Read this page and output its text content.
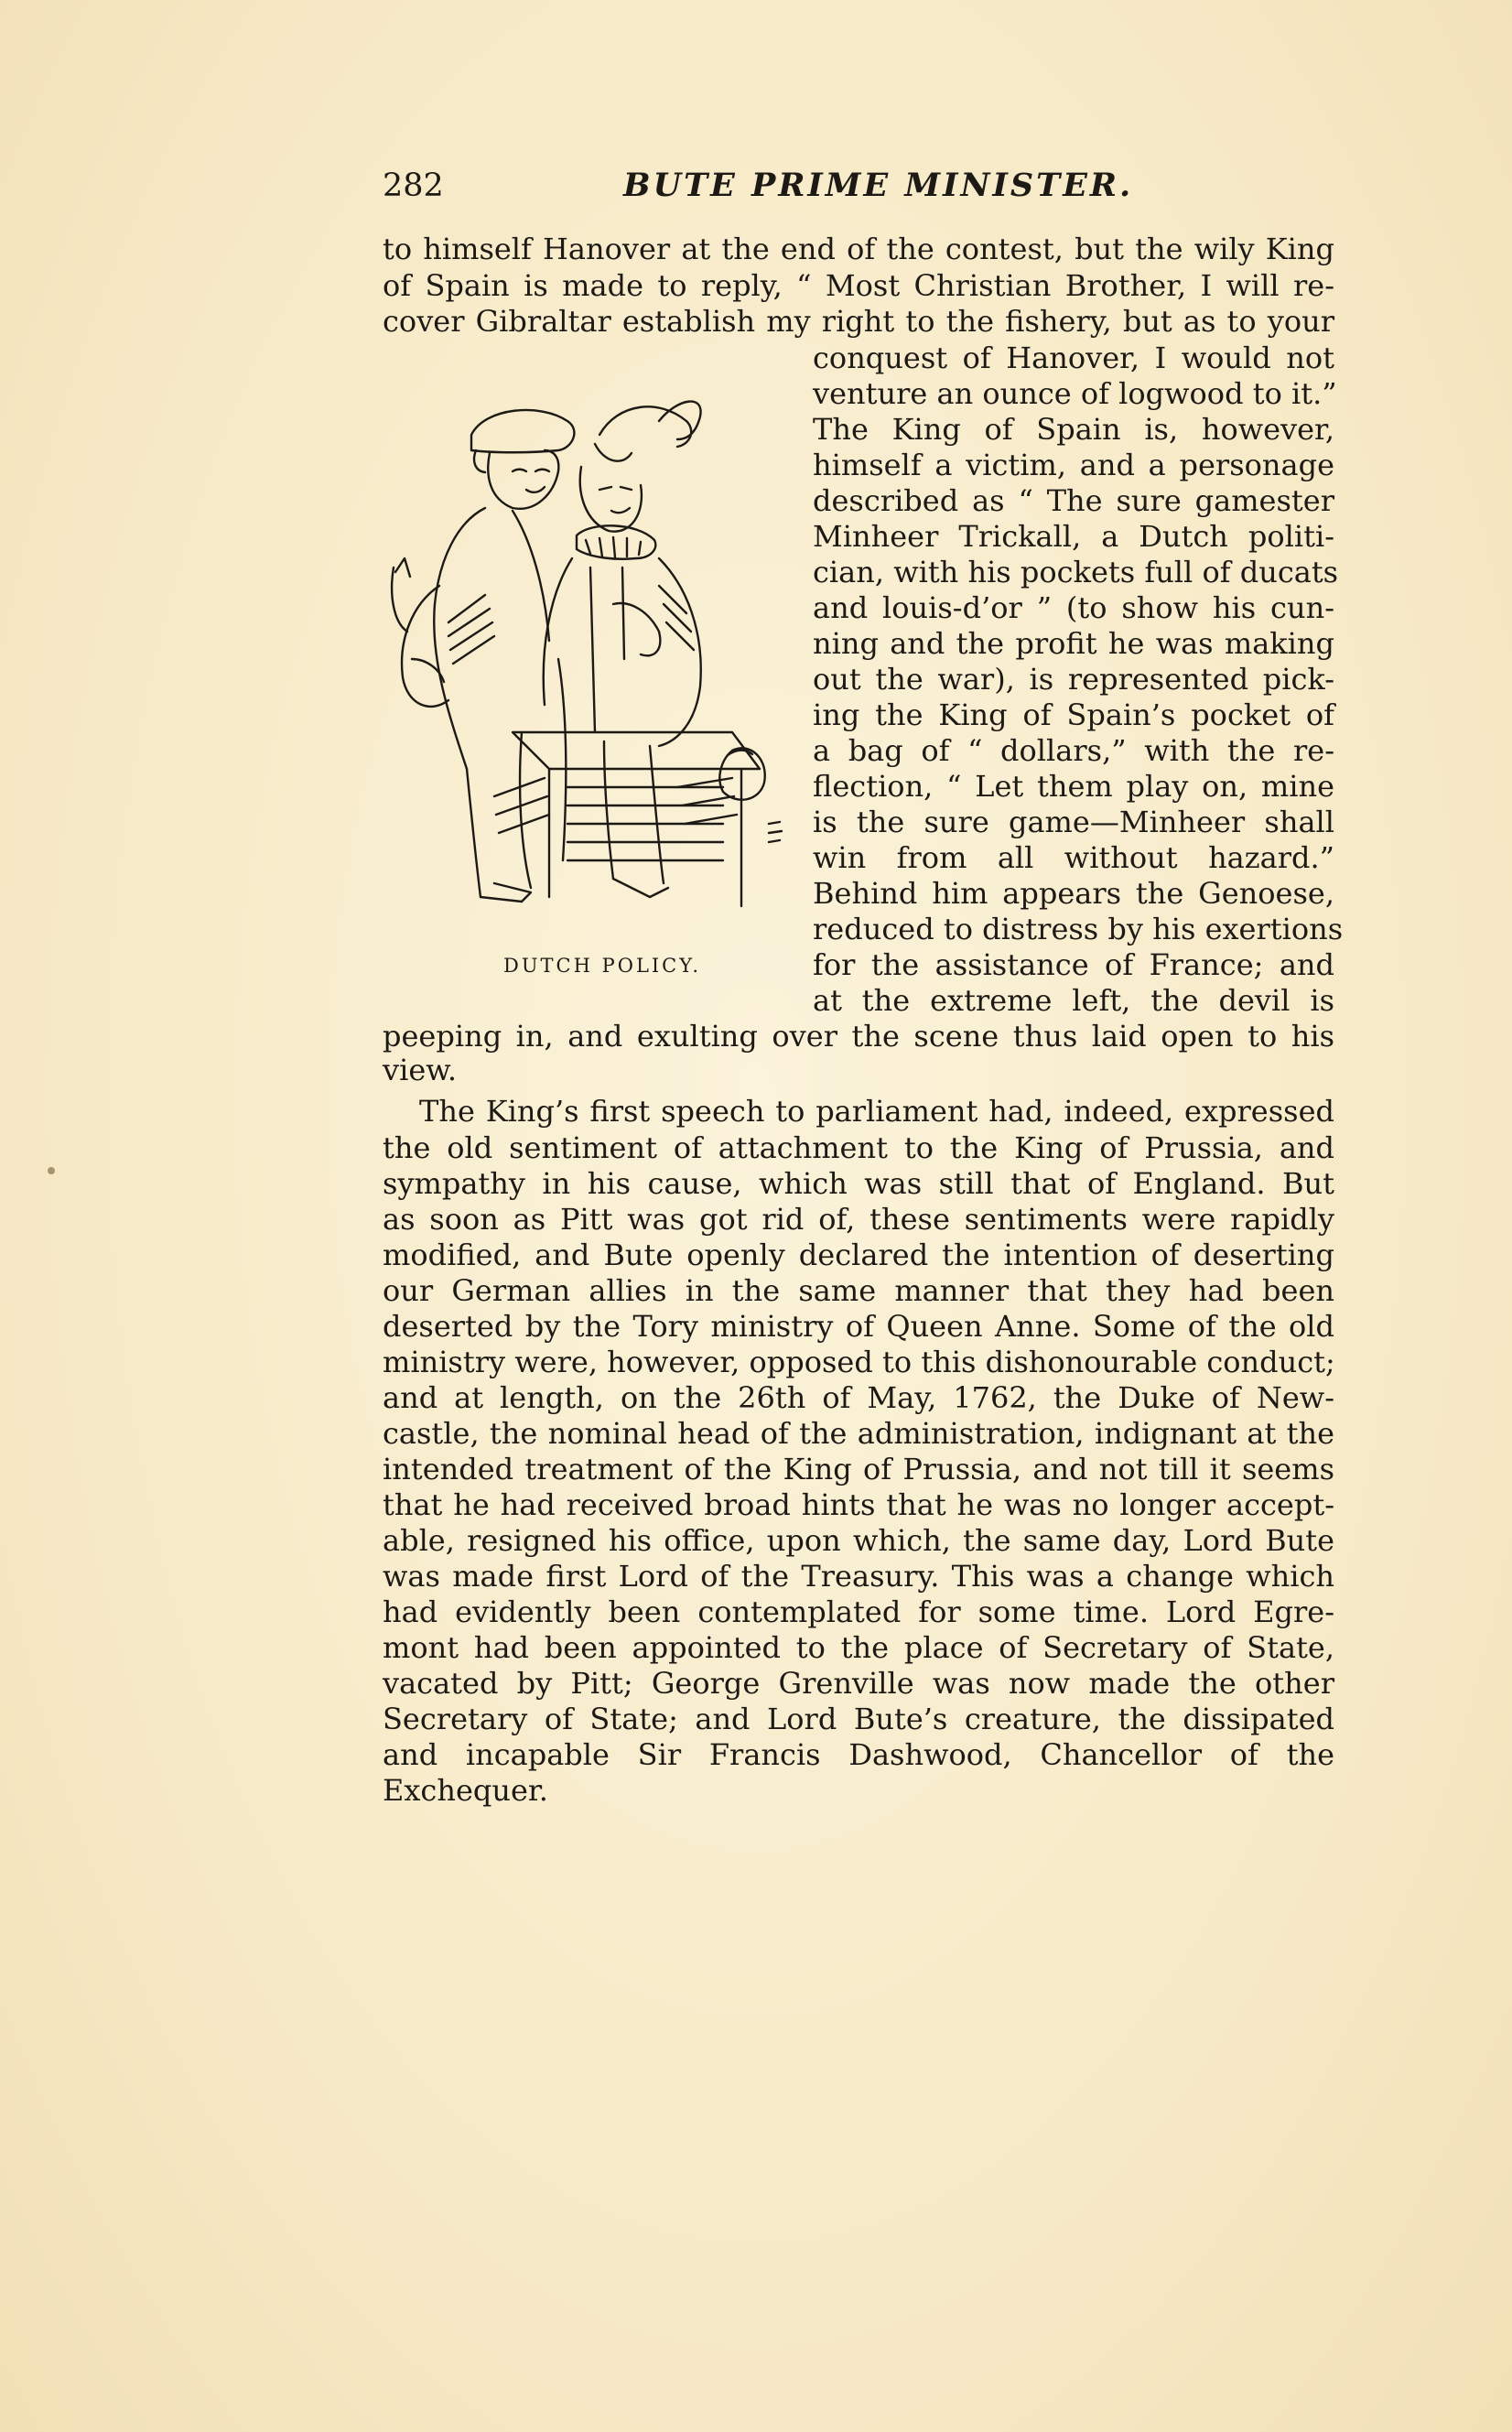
282	BUTE PRIME MINISTER.
to himself Hanover at the end of the contest, but the wily King
of Spain is made to reply, “ Most Christian Brother, I will re-
cover Gibraltar establish my right to the fishery, but as to your
DUTCH POLICY.
conquest of Hanover, I would not
venture an ounce of logwood to it.”
The King of Spain is, however,
himself a victim, and a personage
described as “ The sure gamester
Minheer Trickall, a Dutch politi-
cian, with his pockets full of ducats
and louis-d’or ” (to show his cun-
ning and the profit he was making
out the war), is represented pick-
ing the King of Spain’s pocket of
a bag of “ dollars,” with the re-
flection, “ Let them play on, mine
is the sure game—Minheer shall
win from all without hazard.”
Behind him appears the Genoese,
reduced to distress by his exertions
for the assistance of France; and
at the extreme left, the devil is
peeping in, and exulting over the scene thus laid open to his
view.
The King’s first speech to parliament had, indeed, expressed
the old sentiment of attachment to the King of Prussia, and
sympathy in his cause, which was still that of England. But
as soon as Pitt was got rid of, these sentiments were rapidly
modified, and Bute openly declared the intention of deserting
our German allies in the same manner that they had been
deserted by the Tory ministry of Queen Anne. Some of the old
ministry were, however, opposed to this dishonourable conduct;
and at length, on the 26th of May, 1762, the Duke of New-
castle, the nominal head of the administration, indignant at the
intended treatment of the King of Prussia, and not till it seems
that he had received broad hints that he was no longer accept-
able, resigned his office, upon which, the same day, Lord Bute
was made first Lord of the Treasury. This was a change which
had evidently been contemplated for some time. Lord Egre-
mont had been appointed to the place of Secretary of State,
vacated by Pitt; George Grenville was now made the other
Secretary of State; and Lord Bute’s creature, the dissipated
and incapable Sir Francis Dashwood, Chancellor of the
Exchequer.
